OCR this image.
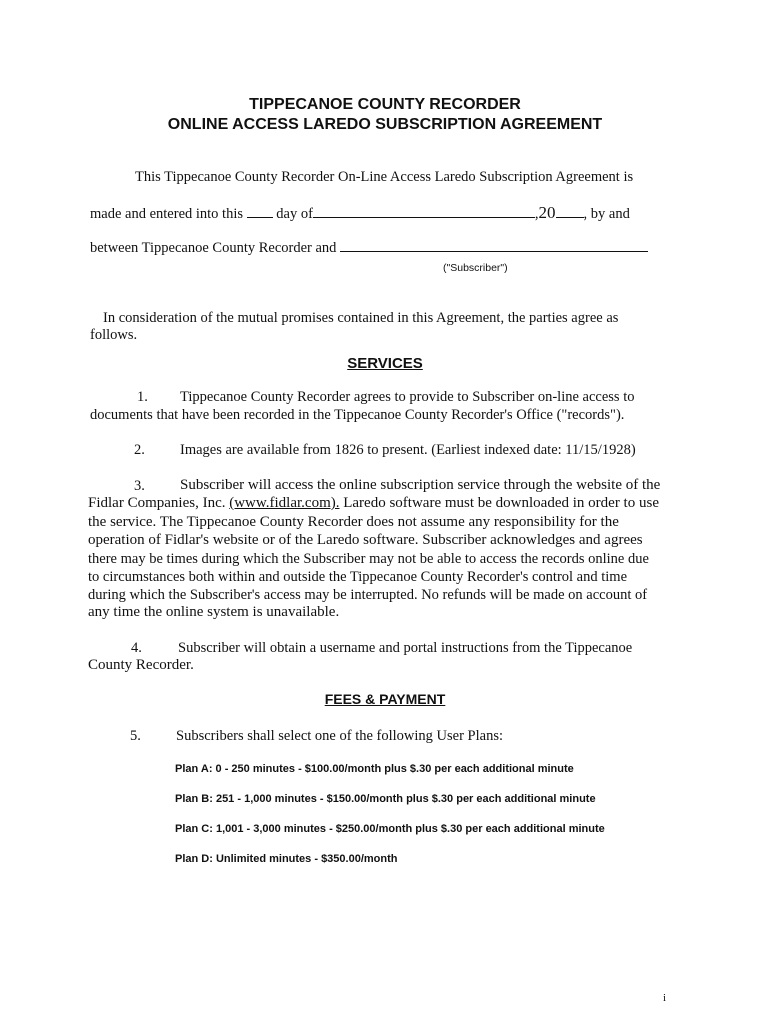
TIPPECANOE COUNTY RECORDER
ONLINE ACCESS LAREDO SUBSCRIPTION AGREEMENT
This Tippecanoe County Recorder On-Line Access Laredo Subscription Agreement is
made and entered into this day of	,20 , by and
between Tippecanoe County Recorder and
("Subscriber")
In consideration of the mutual promises contained in this Agreement, the parties agree as
follows.
SERVICES
1. Tippecanoe County Recorder agrees to provide to Subscriber on-line access to
documents that have been recorded in the Tippecanoe County Recorder's Office ("records").
2. Images are available from 1826 to present. (Earliest indexed date: 11/15/1928)
3. Subscriber will access the online subscription service through the website of the
Fidlar Companies, Inc. (www.fidlar.com). Laredo software must be downloaded in order to use
the service. The Tippecanoe County Recorder does not assume any responsibility for the
operation of Fidlar's website or of the Laredo software. Subscriber acknowledges and agrees
there may be times during which the Subscriber may not be able to access the records online due
to circumstances both within and outside the Tippecanoe County Recorder's control and time
during which the Subscriber's access may be interrupted. No refunds will be made on account of
any time the online system is unavailable.
4. Subscriber will obtain a username and portal instructions from the Tippecanoe
County Recorder.
FEES & PAYMENT
5. Subscribers shall select one of the following User Plans:
Plan A: 0 - 250 minutes - $100.00/month plus $.30 per each additional minute
Plan B: 251 - 1,000 minutes - $150.00/month plus $.30 per each additional minute
Plan C: 1,001 - 3,000 minutes - $250.00/month plus $.30 per each additional minute
Plan D: Unlimited minutes - $350.00/month
i
